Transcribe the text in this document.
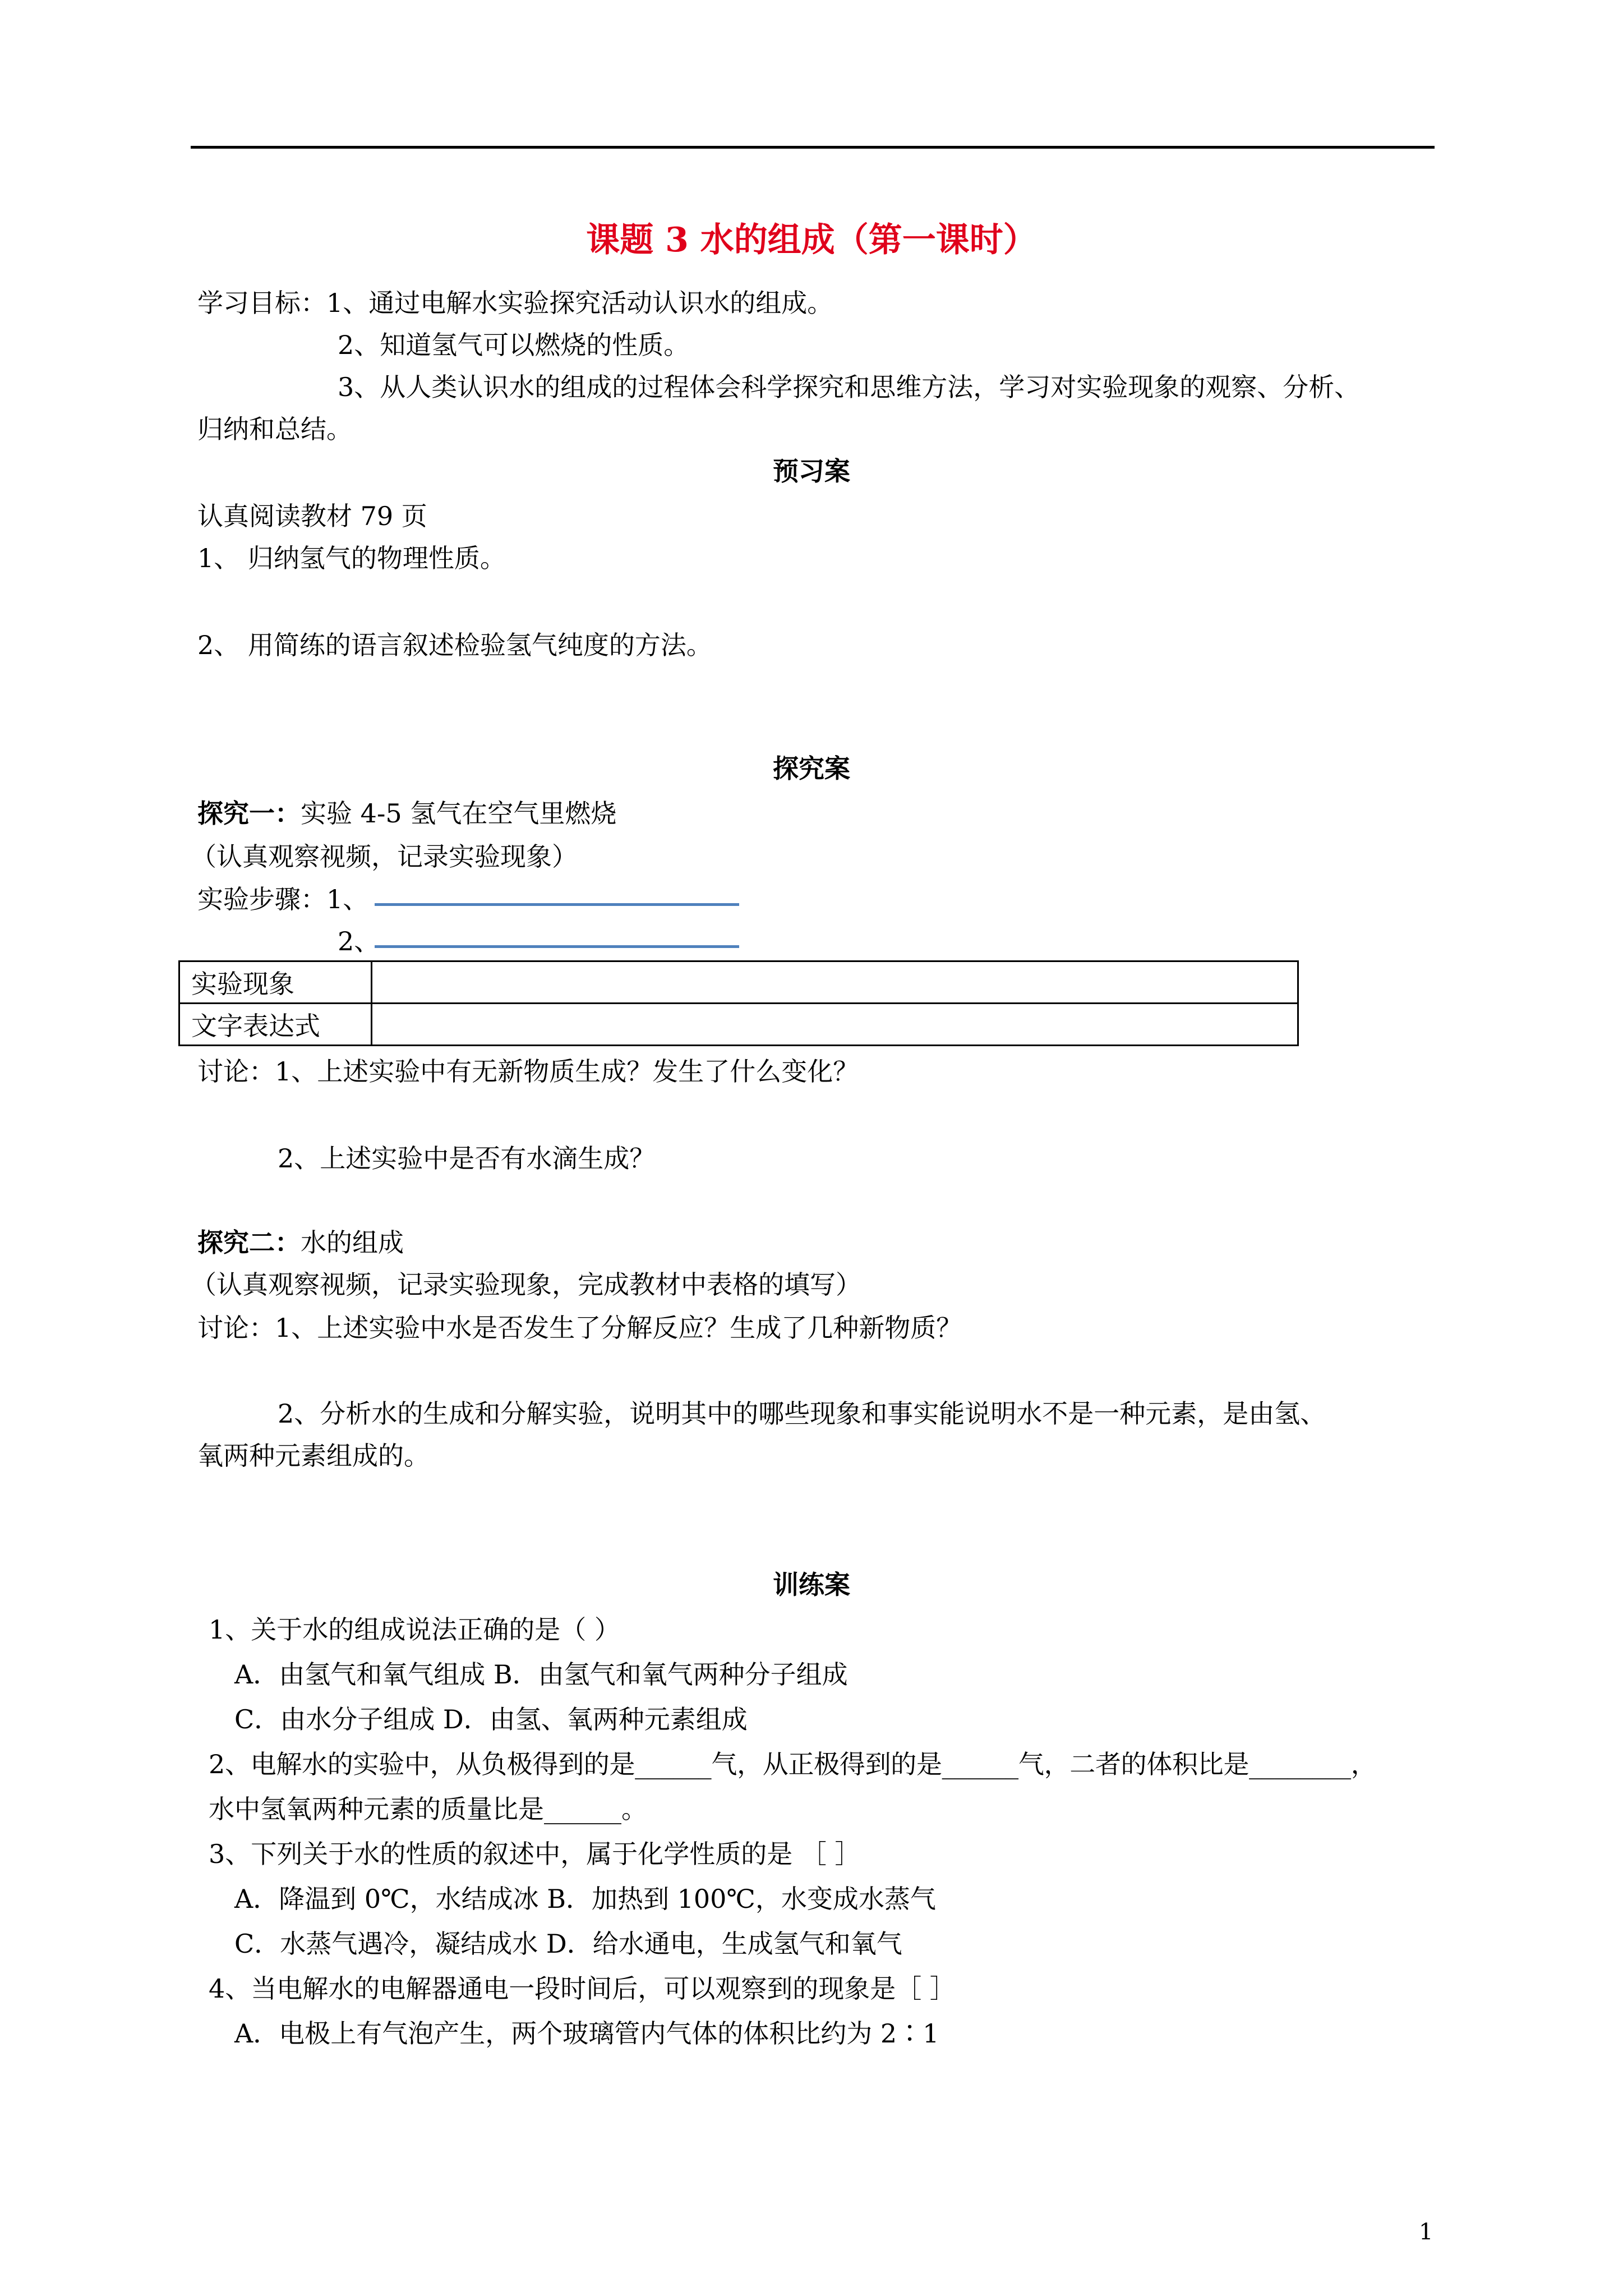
课题 3 水的组成（第一课时）
学习目标：1、通过电解水实验探究活动认识水的组成。
2、知道氢气可以燃烧的性质。
3、从人类认识水的组成的过程体会科学探究和思维方法，学习对实验现象的观察、分析、
归纳和总结。
预习案
认真阅读教材 79 页
1、 归纳氢气的物理性质。
2、 用简练的语言叙述检验氢气纯度的方法。
探究案
探究一：实验 4-5 氢气在空气里燃烧
（认真观察视频，记录实验现象）
实验步骤：1、
2、
实验现象	
文字表达式	
讨论：1、上述实验中有无新物质生成？发生了什么变化？
2、上述实验中是否有水滴生成？
探究二：水的组成
（认真观察视频，记录实验现象，完成教材中表格的填写）
讨论：1、上述实验中水是否发生了分解反应？生成了几种新物质？
2、分析水的生成和分解实验，说明其中的哪些现象和事实能说明水不是一种元素，是由氢、
氧两种元素组成的。
训练案
1、关于水的组成说法正确的是（ ）
A．由氢气和氧气组成 B．由氢气和氧气两种分子组成
C．由水分子组成 D．由氢、氧两种元素组成
2、电解水的实验中，从负极得到的是______气，从正极得到的是______气，二者的体积比是________，
水中氢氧两种元素的质量比是______。
3、下列关于水的性质的叙述中，属于化学性质的是 ［ ］
A．降温到 0℃，水结成冰 B．加热到 100℃，水变成水蒸气
C．水蒸气遇冷，凝结成水 D．给水通电，生成氢气和氧气
4、当电解水的电解器通电一段时间后，可以观察到的现象是［ ］
A．电极上有气泡产生，两个玻璃管内气体的体积比约为 2∶1
1
